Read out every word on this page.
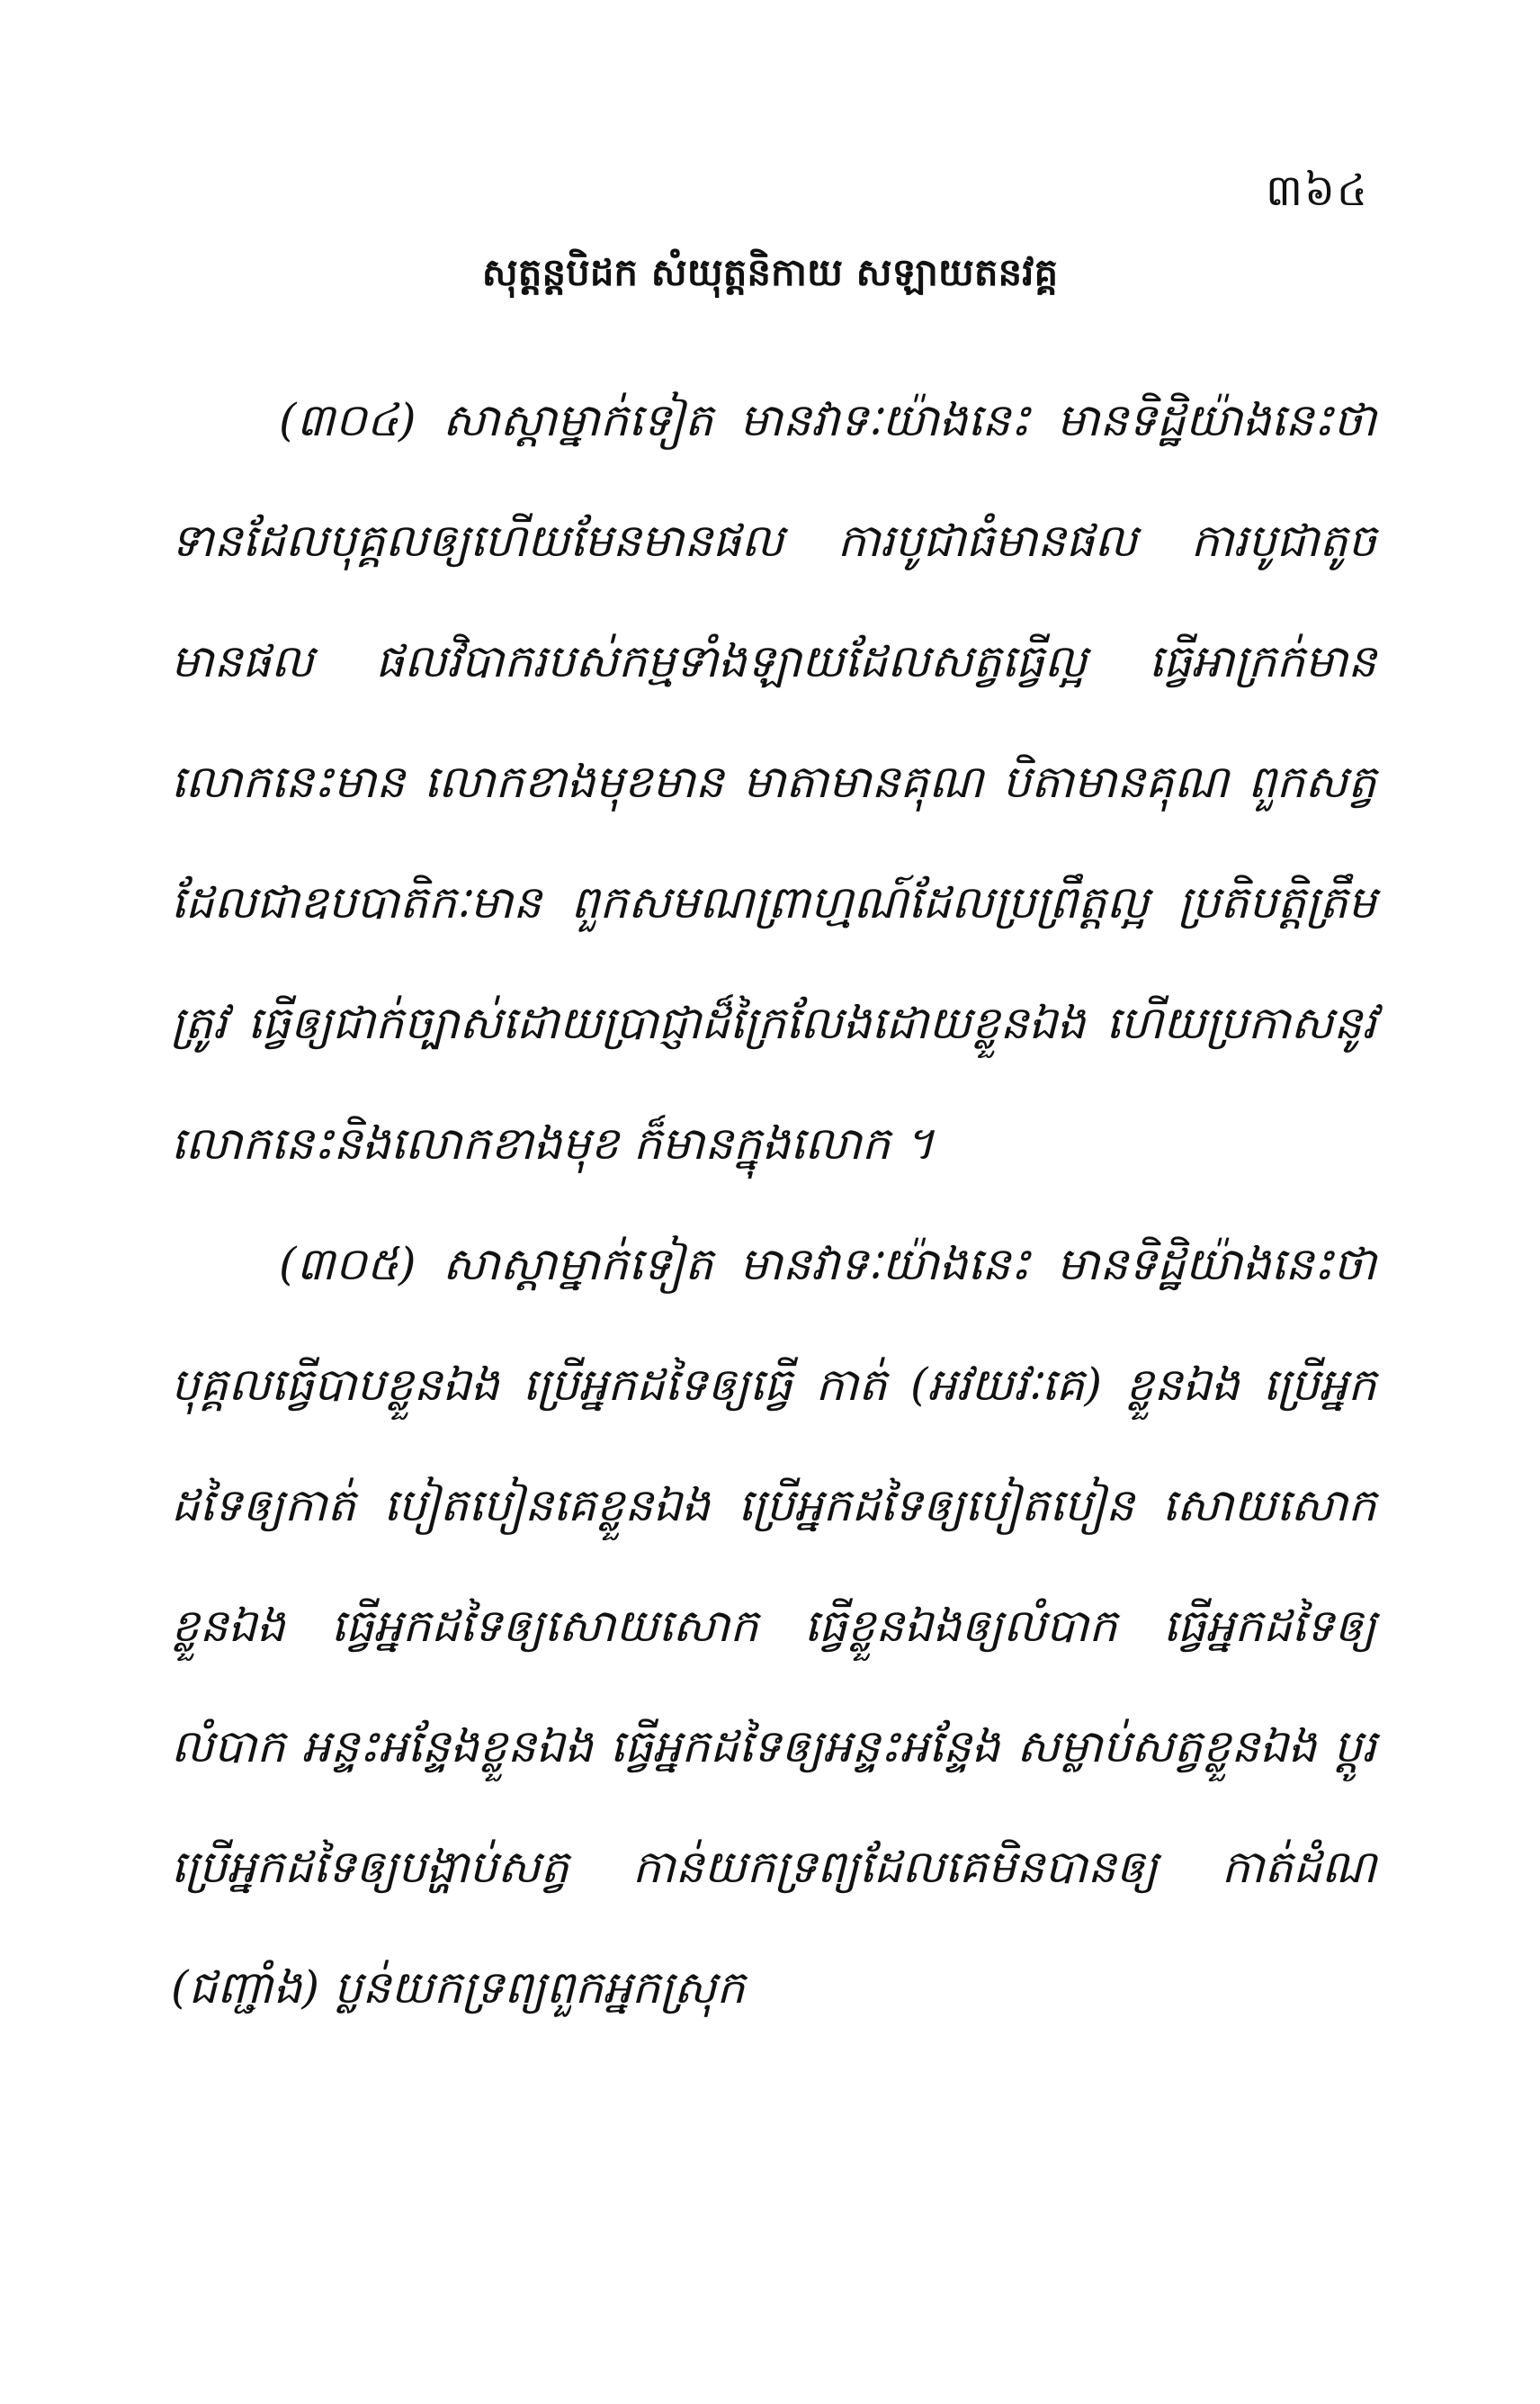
៣៦៤
សុត្តន្តបិដក សំយុត្តនិកាយ សឡាយតនវគ្គ

(៣០៤) សាស្តាម្នាក់ទៀត មានវាទៈយ៉ាងនេះ មានទិដ្ឋិយ៉ាងនេះថា ទានដែលបុគ្គលឲ្យហើយមែនមានផល ការបូជាធំមានផល ការបូជាតូចមានផល ផលវិបាករបស់កម្មទាំងឡាយដែលសត្វធ្វើល្អ ធ្វើអាក្រក់មាន លោកនេះមាន លោកខាងមុខមាន មាតាមានគុណ បិតាមានគុណ ពួកសត្វដែលជាឧបបាតិកៈមាន ពួកសមណព្រាហ្មណ៍ដែលប្រព្រឹត្តល្អ ប្រតិបត្តិត្រឹមត្រូវ ធ្វើឲ្យជាក់ច្បាស់ដោយប្រាជ្ញាដ៏ក្រៃលែងដោយខ្លួនឯង ហើយប្រកាសនូវលោកនេះនិងលោកខាងមុខ ក៏មានក្នុងលោក ។

(៣០៥) សាស្តាម្នាក់ទៀត មានវាទៈយ៉ាងនេះ មានទិដ្ឋិយ៉ាងនេះថា បុគ្គលធ្វើបាបខ្លួនឯង ប្រើអ្នកដទៃឲ្យធ្វើ កាត់ (អវយវៈគេ) ខ្លួនឯង ប្រើអ្នកដទៃឲ្យកាត់ បៀតបៀនគេខ្លួនឯង ប្រើអ្នកដទៃឲ្យបៀតបៀន សោយសោកខ្លួនឯង ធ្វើអ្នកដទៃឲ្យសោយសោក ធ្វើខ្លួនឯងឲ្យលំបាក ធ្វើអ្នកដទៃឲ្យលំបាក អន្ទះអន្ទែងខ្លួនឯង ធ្វើអ្នកដទៃឲ្យអន្ទះអន្ទែង សម្លាប់សត្វខ្លួនឯង ប្តូរប្រើអ្នកដទៃឲ្យបង្ហាប់សត្វ កាន់យកទ្រព្យដែលគេមិនបានឲ្យ កាត់ដំណ (ជញ្ជាំង) ប្លន់យកទ្រព្យពួកអ្នកស្រុក
